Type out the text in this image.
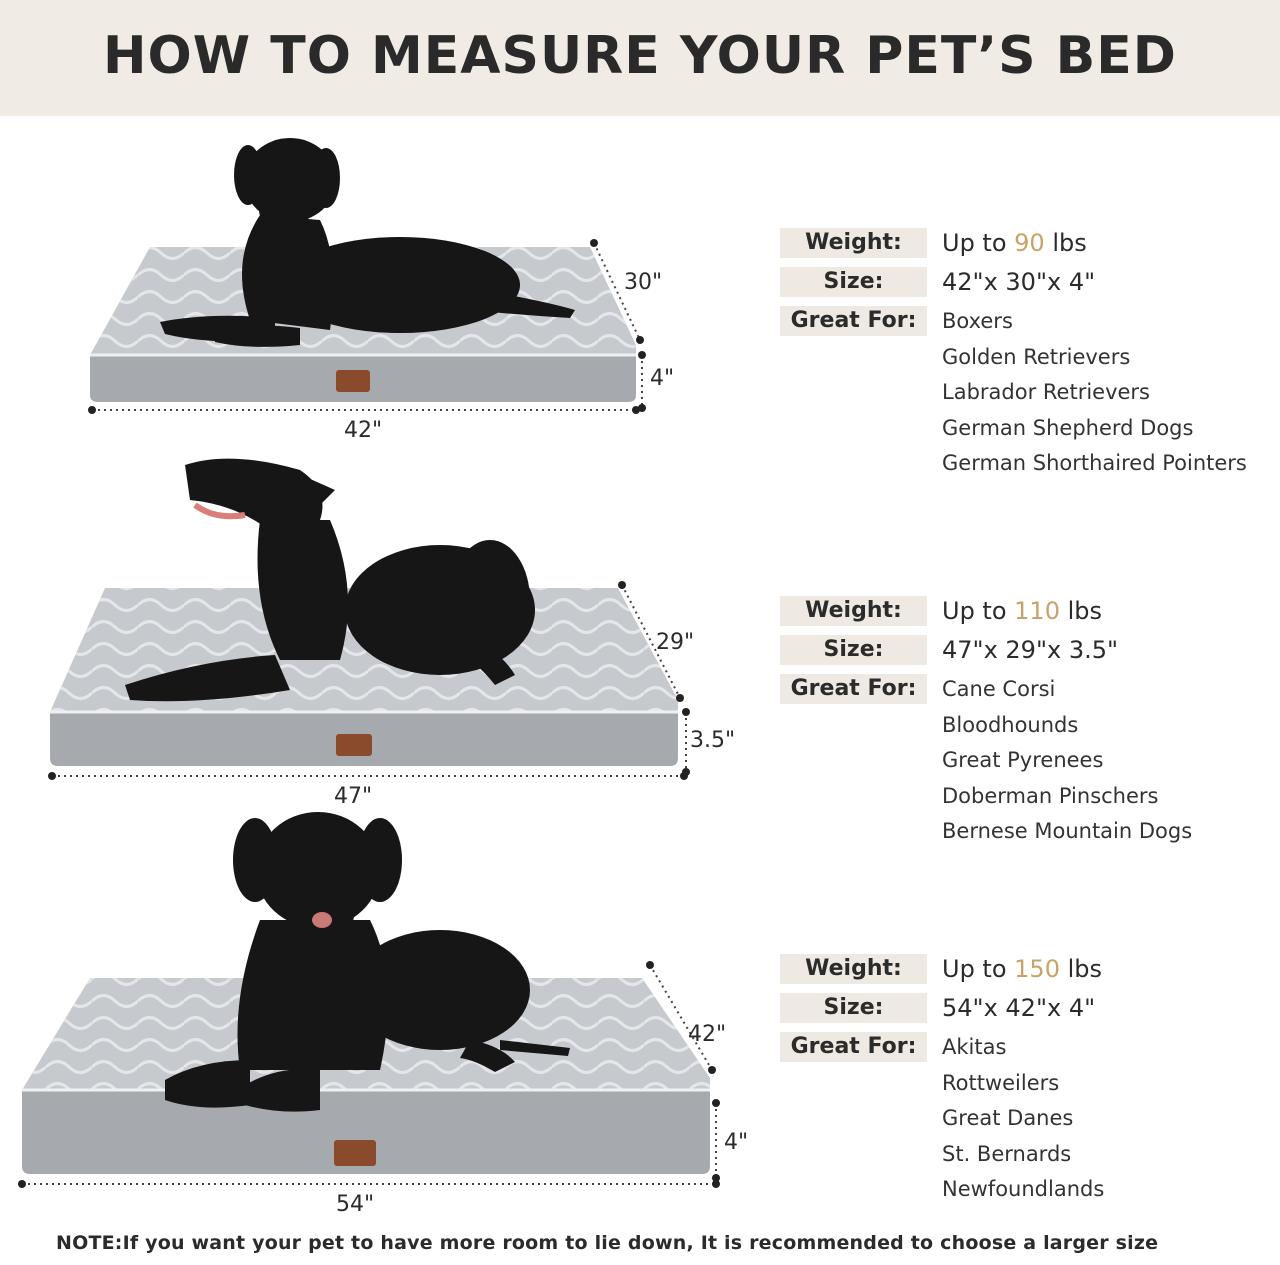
HOW TO MEASURE YOUR PET’S BED
42"
30"
4"
47"
29"
3.5"
54"
42"
4"
Weight:	Up to 90 lbs
Size:	42"x 30"x 4"
Great For:	Boxers
Golden Retrievers
Labrador Retrievers
German Shepherd Dogs
German Shorthaired Pointers
Weight:	Up to 110 lbs
Size:	47"x 29"x 3.5"
Great For:	Cane Corsi
Bloodhounds
Great Pyrenees
Doberman Pinschers
Bernese Mountain Dogs
Weight:	Up to 150 lbs
Size:	54"x 42"x 4"
Great For:	Akitas
Rottweilers
Great Danes
St. Bernards
Newfoundlands
NOTE:If you want your pet to have more room to lie down, It is recommended to choose a larger size
